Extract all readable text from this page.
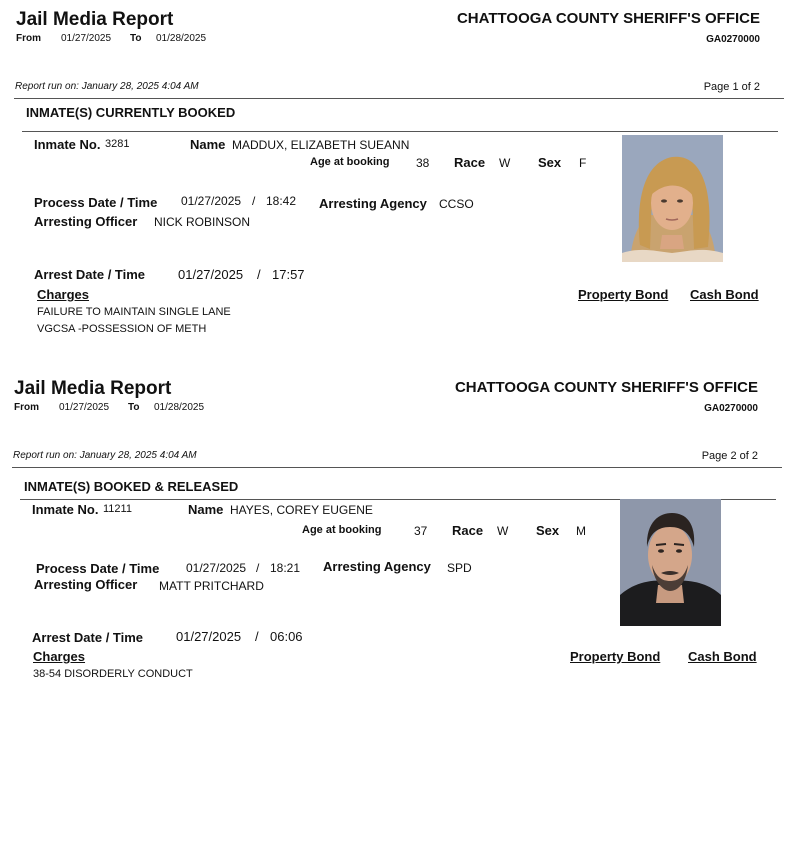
Jail Media Report
From 01/27/2025 To 01/28/2025
CHATTOOGA COUNTY SHERIFF'S OFFICE
GA0270000
Report run on: January 28, 2025 4:04 AM	Page 1 of 2
INMATE(S) CURRENTLY BOOKED
Inmate No. 3281	Name MADDUX, ELIZABETH SUEANN
Age at booking 38 Race W Sex F
Process Date / Time 01/27/2025 / 18:42 Arresting Agency CCSO
Arresting Officer NICK ROBINSON
Arrest Date / Time	01/27/2025 / 17:57
Charges	Property Bond Cash Bond
FAILURE TO MAINTAIN SINGLE LANE
VGCSA -POSSESSION OF METH
Jail Media Report
From 01/27/2025 To 01/28/2025
CHATTOOGA COUNTY SHERIFF'S OFFICE
GA0270000
Report run on: January 28, 2025 4:04 AM	Page 2 of 2
INMATE(S) BOOKED & RELEASED
Inmate No. 11211	Name HAYES, COREY EUGENE
Age at booking	37 Race W Sex M
Process Date / Time 01/27/2025 / 18:21 Arresting Agency SPD
Arresting Officer MATT PRITCHARD
Arrest Date / Time	01/27/2025 / 06:06
Charges	Property Bond Cash Bond
38-54 DISORDERLY CONDUCT
